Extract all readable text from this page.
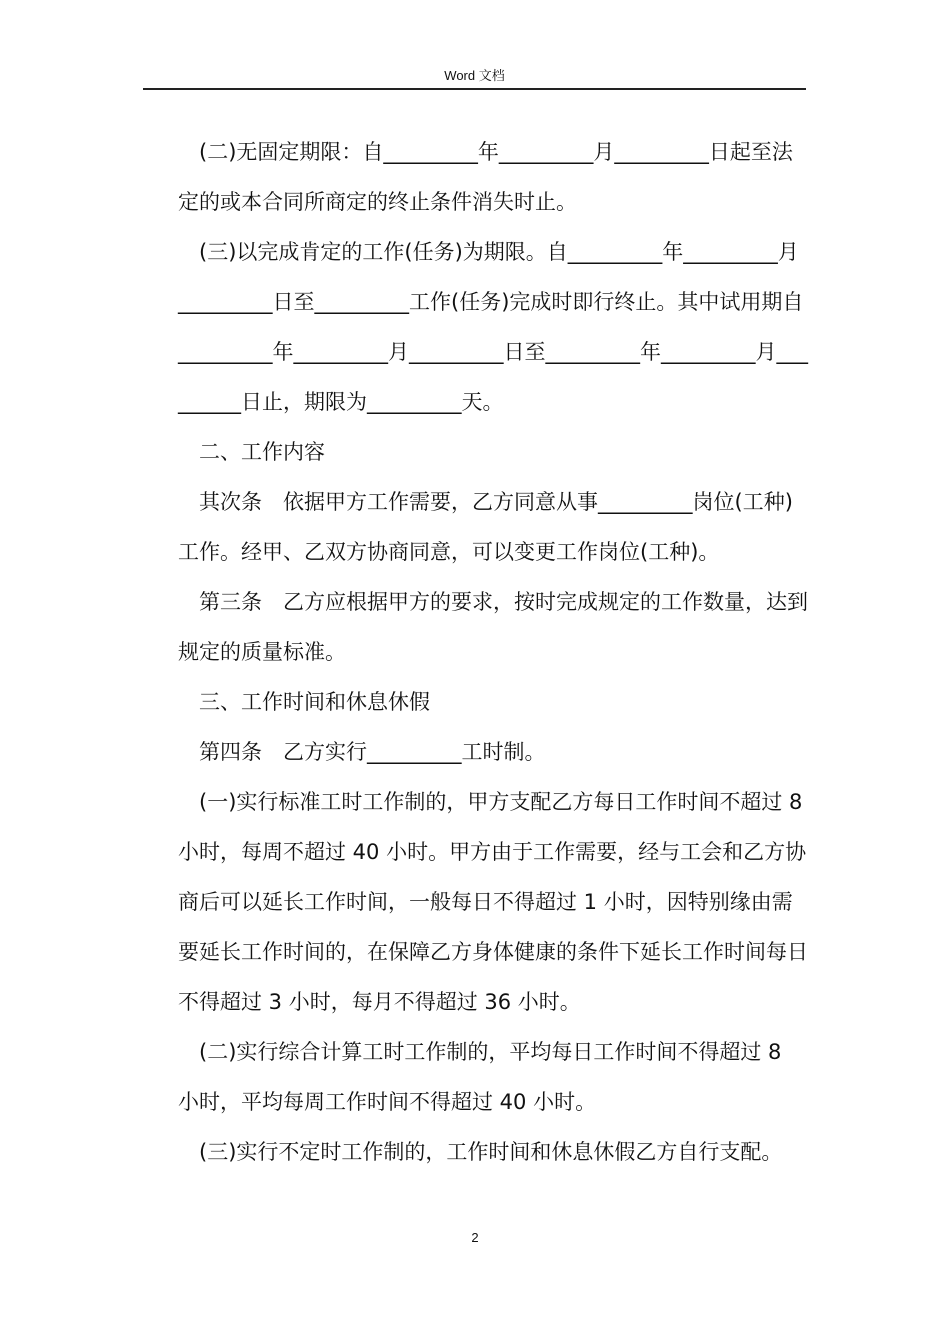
Word 文档

(二)无固定期限：自_________年_________月_________日起至法定的或本合同所商定的终止条件消失时止。

(三)以完成肯定的工作(任务)为期限。自_________年_________月_________日至_________工作(任务)完成时即行终止。其中试用期自_________年_________月_________日至_________年_________月_________日止，期限为_________天。

二、工作内容

其次条　依据甲方工作需要，乙方同意从事_________岗位(工种)工作。经甲、乙双方协商同意，可以变更工作岗位(工种)。

第三条　乙方应根据甲方的要求，按时完成规定的工作数量，达到规定的质量标准。

三、工作时间和休息休假

第四条　乙方实行_________工时制。

(一)实行标准工时工作制的，甲方支配乙方每日工作时间不超过 8 小时，每周不超过 40 小时。甲方由于工作需要，经与工会和乙方协商后可以延长工作时间，一般每日不得超过 1 小时，因特别缘由需要延长工作时间的，在保障乙方身体健康的条件下延长工作时间每日不得超过 3 小时，每月不得超过 36 小时。

(二)实行综合计算工时工作制的，平均每日工作时间不得超过 8 小时，平均每周工作时间不得超过 40 小时。

(三)实行不定时工作制的，工作时间和休息休假乙方自行支配。

2
